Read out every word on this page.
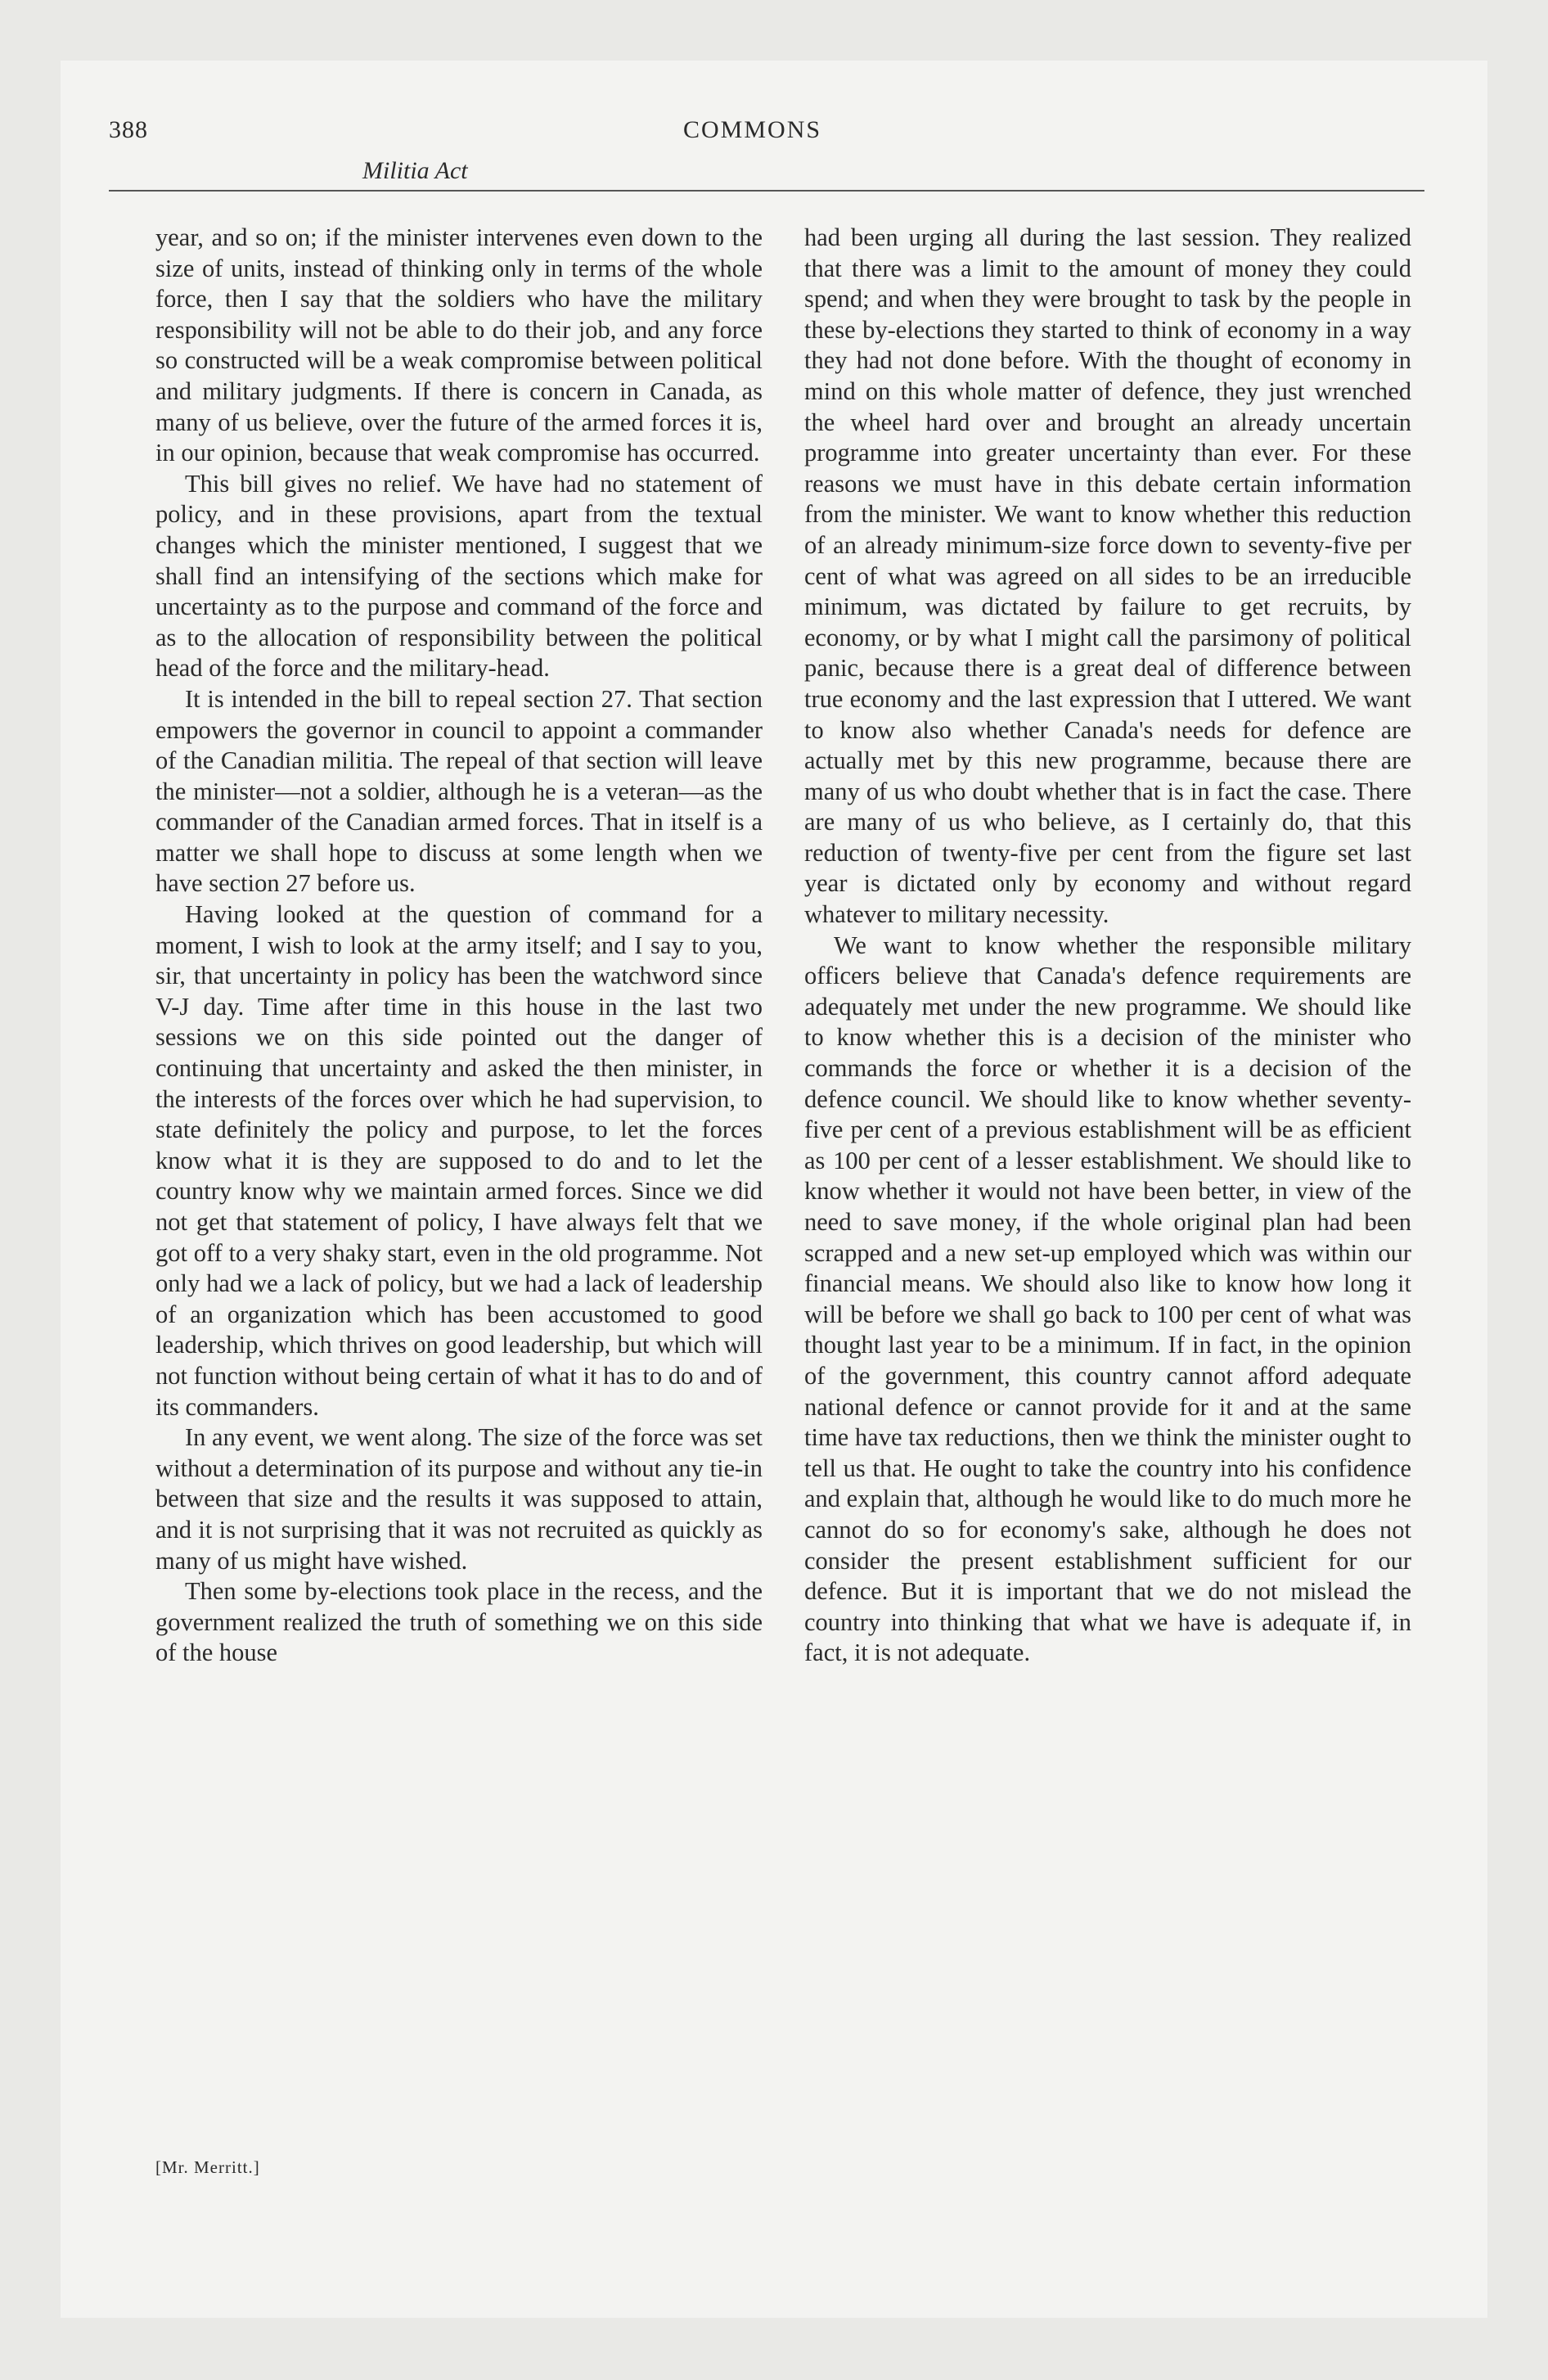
388	COMMONS
Militia Act

year, and so on; if the minister intervenes even down to the size of units, instead of thinking only in terms of the whole force, then I say that the soldiers who have the military responsibility will not be able to do their job, and any force so constructed will be a weak compromise between political and military judgments. If there is concern in Canada, as many of us believe, over the future of the armed forces it is, in our opinion, because that weak compromise has occurred.

This bill gives no relief. We have had no statement of policy, and in these provisions, apart from the textual changes which the minister mentioned, I suggest that we shall find an intensifying of the sections which make for uncertainty as to the purpose and command of the force and as to the allocation of responsibility between the political head of the force and the military-head.

It is intended in the bill to repeal section 27. That section empowers the governor in council to appoint a commander of the Canadian militia. The repeal of that section will leave the minister—not a soldier, although he is a veteran—as the commander of the Canadian armed forces. That in itself is a matter we shall hope to discuss at some length when we have section 27 before us.

Having looked at the question of command for a moment, I wish to look at the army itself; and I say to you, sir, that uncertainty in policy has been the watchword since V-J day. Time after time in this house in the last two sessions we on this side pointed out the danger of continuing that uncertainty and asked the then minister, in the interests of the forces over which he had supervision, to state definitely the policy and purpose, to let the forces know what it is they are supposed to do and to let the country know why we maintain armed forces. Since we did not get that statement of policy, I have always felt that we got off to a very shaky start, even in the old programme. Not only had we a lack of policy, but we had a lack of leadership of an organization which has been accustomed to good leadership, which thrives on good leadership, but which will not function without being certain of what it has to do and of its commanders.

In any event, we went along. The size of the force was set without a determination of its purpose and without any tie-in between that size and the results it was supposed to attain, and it is not surprising that it was not recruited as quickly as many of us might have wished.

Then some by-elections took place in the recess, and the government realized the truth of something we on this side of the house

had been urging all during the last session. They realized that there was a limit to the amount of money they could spend; and when they were brought to task by the people in these by-elections they started to think of economy in a way they had not done before. With the thought of economy in mind on this whole matter of defence, they just wrenched the wheel hard over and brought an already uncertain programme into greater uncertainty than ever. For these reasons we must have in this debate certain information from the minister. We want to know whether this reduction of an already minimum-size force down to seventy-five per cent of what was agreed on all sides to be an irreducible minimum, was dictated by failure to get recruits, by economy, or by what I might call the parsimony of political panic, because there is a great deal of difference between true economy and the last expression that I uttered. We want to know also whether Canada's needs for defence are actually met by this new programme, because there are many of us who doubt whether that is in fact the case. There are many of us who believe, as I certainly do, that this reduction of twenty-five per cent from the figure set last year is dictated only by economy and without regard whatever to military necessity.

We want to know whether the responsible military officers believe that Canada's defence requirements are adequately met under the new programme. We should like to know whether this is a decision of the minister who commands the force or whether it is a decision of the defence council. We should like to know whether seventy-five per cent of a previous establishment will be as efficient as 100 per cent of a lesser establishment. We should like to know whether it would not have been better, in view of the need to save money, if the whole original plan had been scrapped and a new set-up employed which was within our financial means. We should also like to know how long it will be before we shall go back to 100 per cent of what was thought last year to be a minimum. If in fact, in the opinion of the government, this country cannot afford adequate national defence or cannot provide for it and at the same time have tax reductions, then we think the minister ought to tell us that. He ought to take the country into his confidence and explain that, although he would like to do much more he cannot do so for economy's sake, although he does not consider the present establishment sufficient for our defence. But it is important that we do not mislead the country into thinking that what we have is adequate if, in fact, it is not adequate.

[Mr. Merritt.]
